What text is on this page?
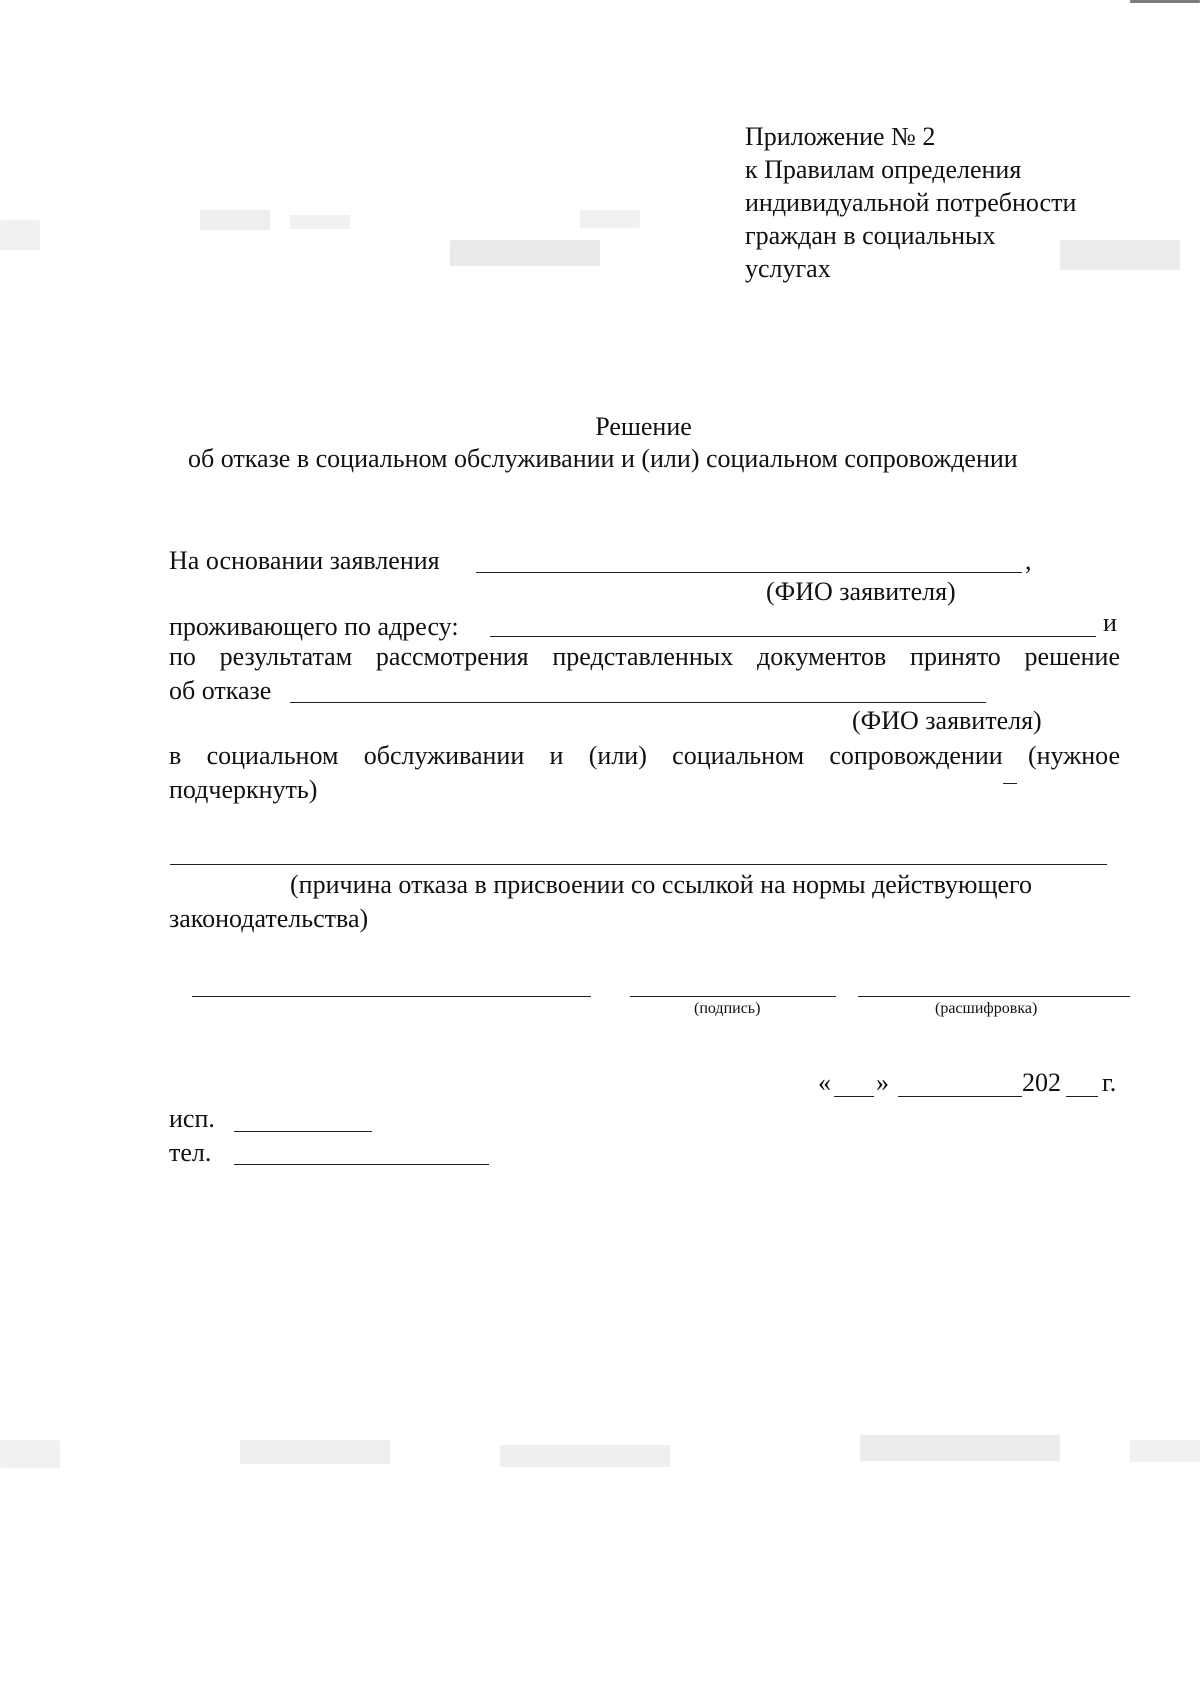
Приложение № 2
к Правилам определения
индивидуальной потребности
граждан в социальных
услугах
Решение
об отказе в социальном обслуживании и (или) социальном сопровождении
На основании заявления	,
(ФИО заявителя)
проживающего по адресу:	и
по результатам рассмотрения представленных документов принято решение
об отказе
(ФИО заявителя)
в социальном обслуживании и (или) социальном сопровождении (нужное
подчеркнуть)
(причина отказа в присвоении со ссылкой на нормы действующего
законодательства)
(подпись)	(расшифровка)
« »	202 г.
исп.
тел.
